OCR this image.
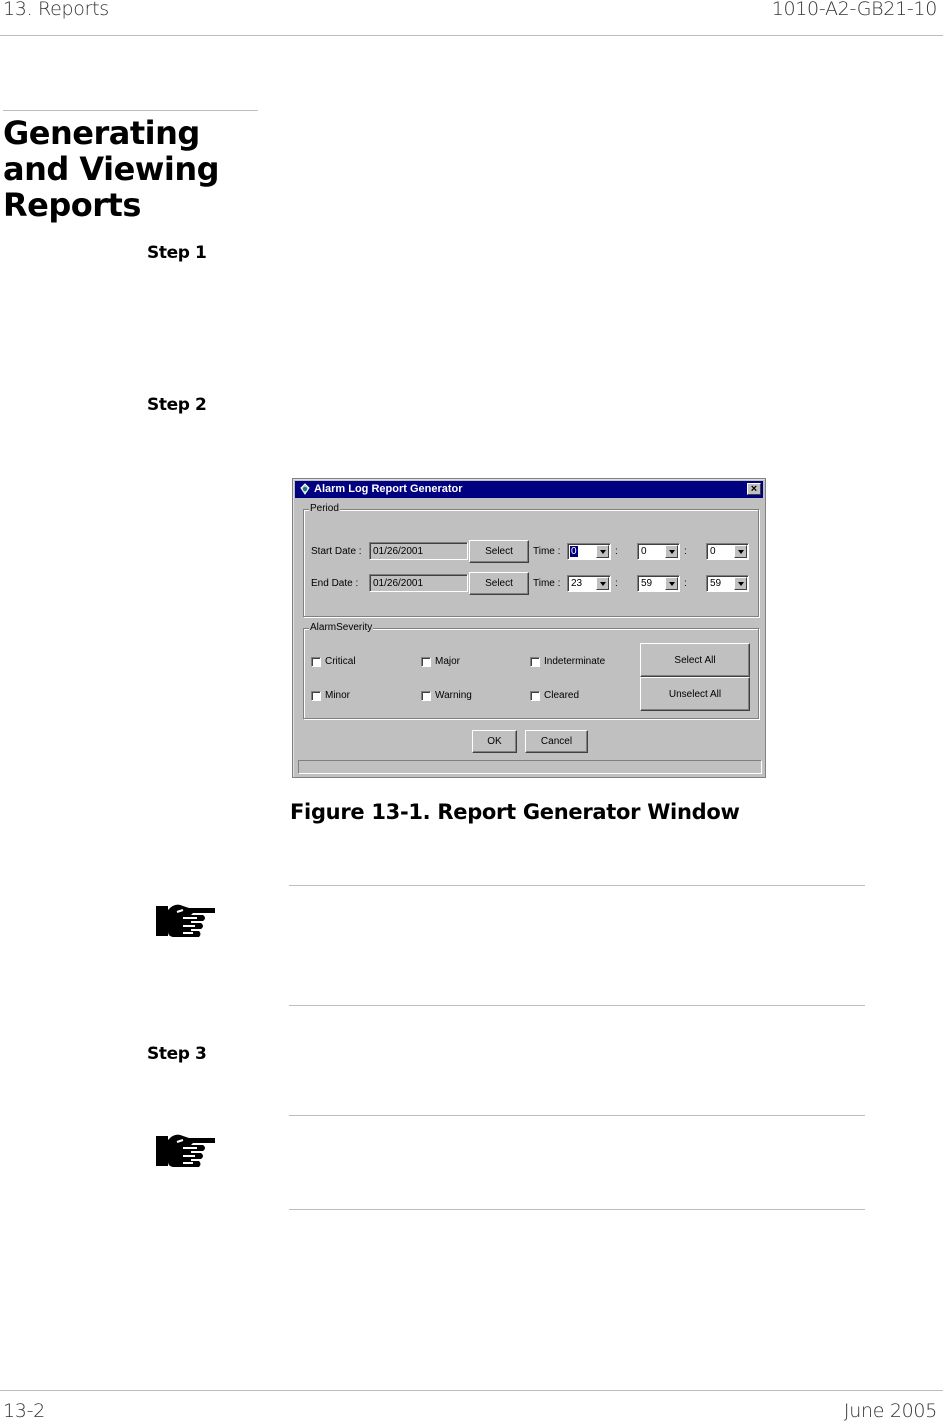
13. Reports	1010-A2-GB21-10
Generating
and Viewing
Reports
Step 1
Step 2
Alarm Log Report Generator	×
Period
Start Date :	01/26/2001	Select	Time : 0	: 0	: 0
End Date :	01/26/2001	Select	Time : 23	: 59	: 59
AlarmSeverity
Critical	Major	Indeterminate
Minor	Warning	Cleared
Select All
Unselect All
OK	Cancel
Figure 13-1. Report Generator Window
Step 3
13-2	June 2005
